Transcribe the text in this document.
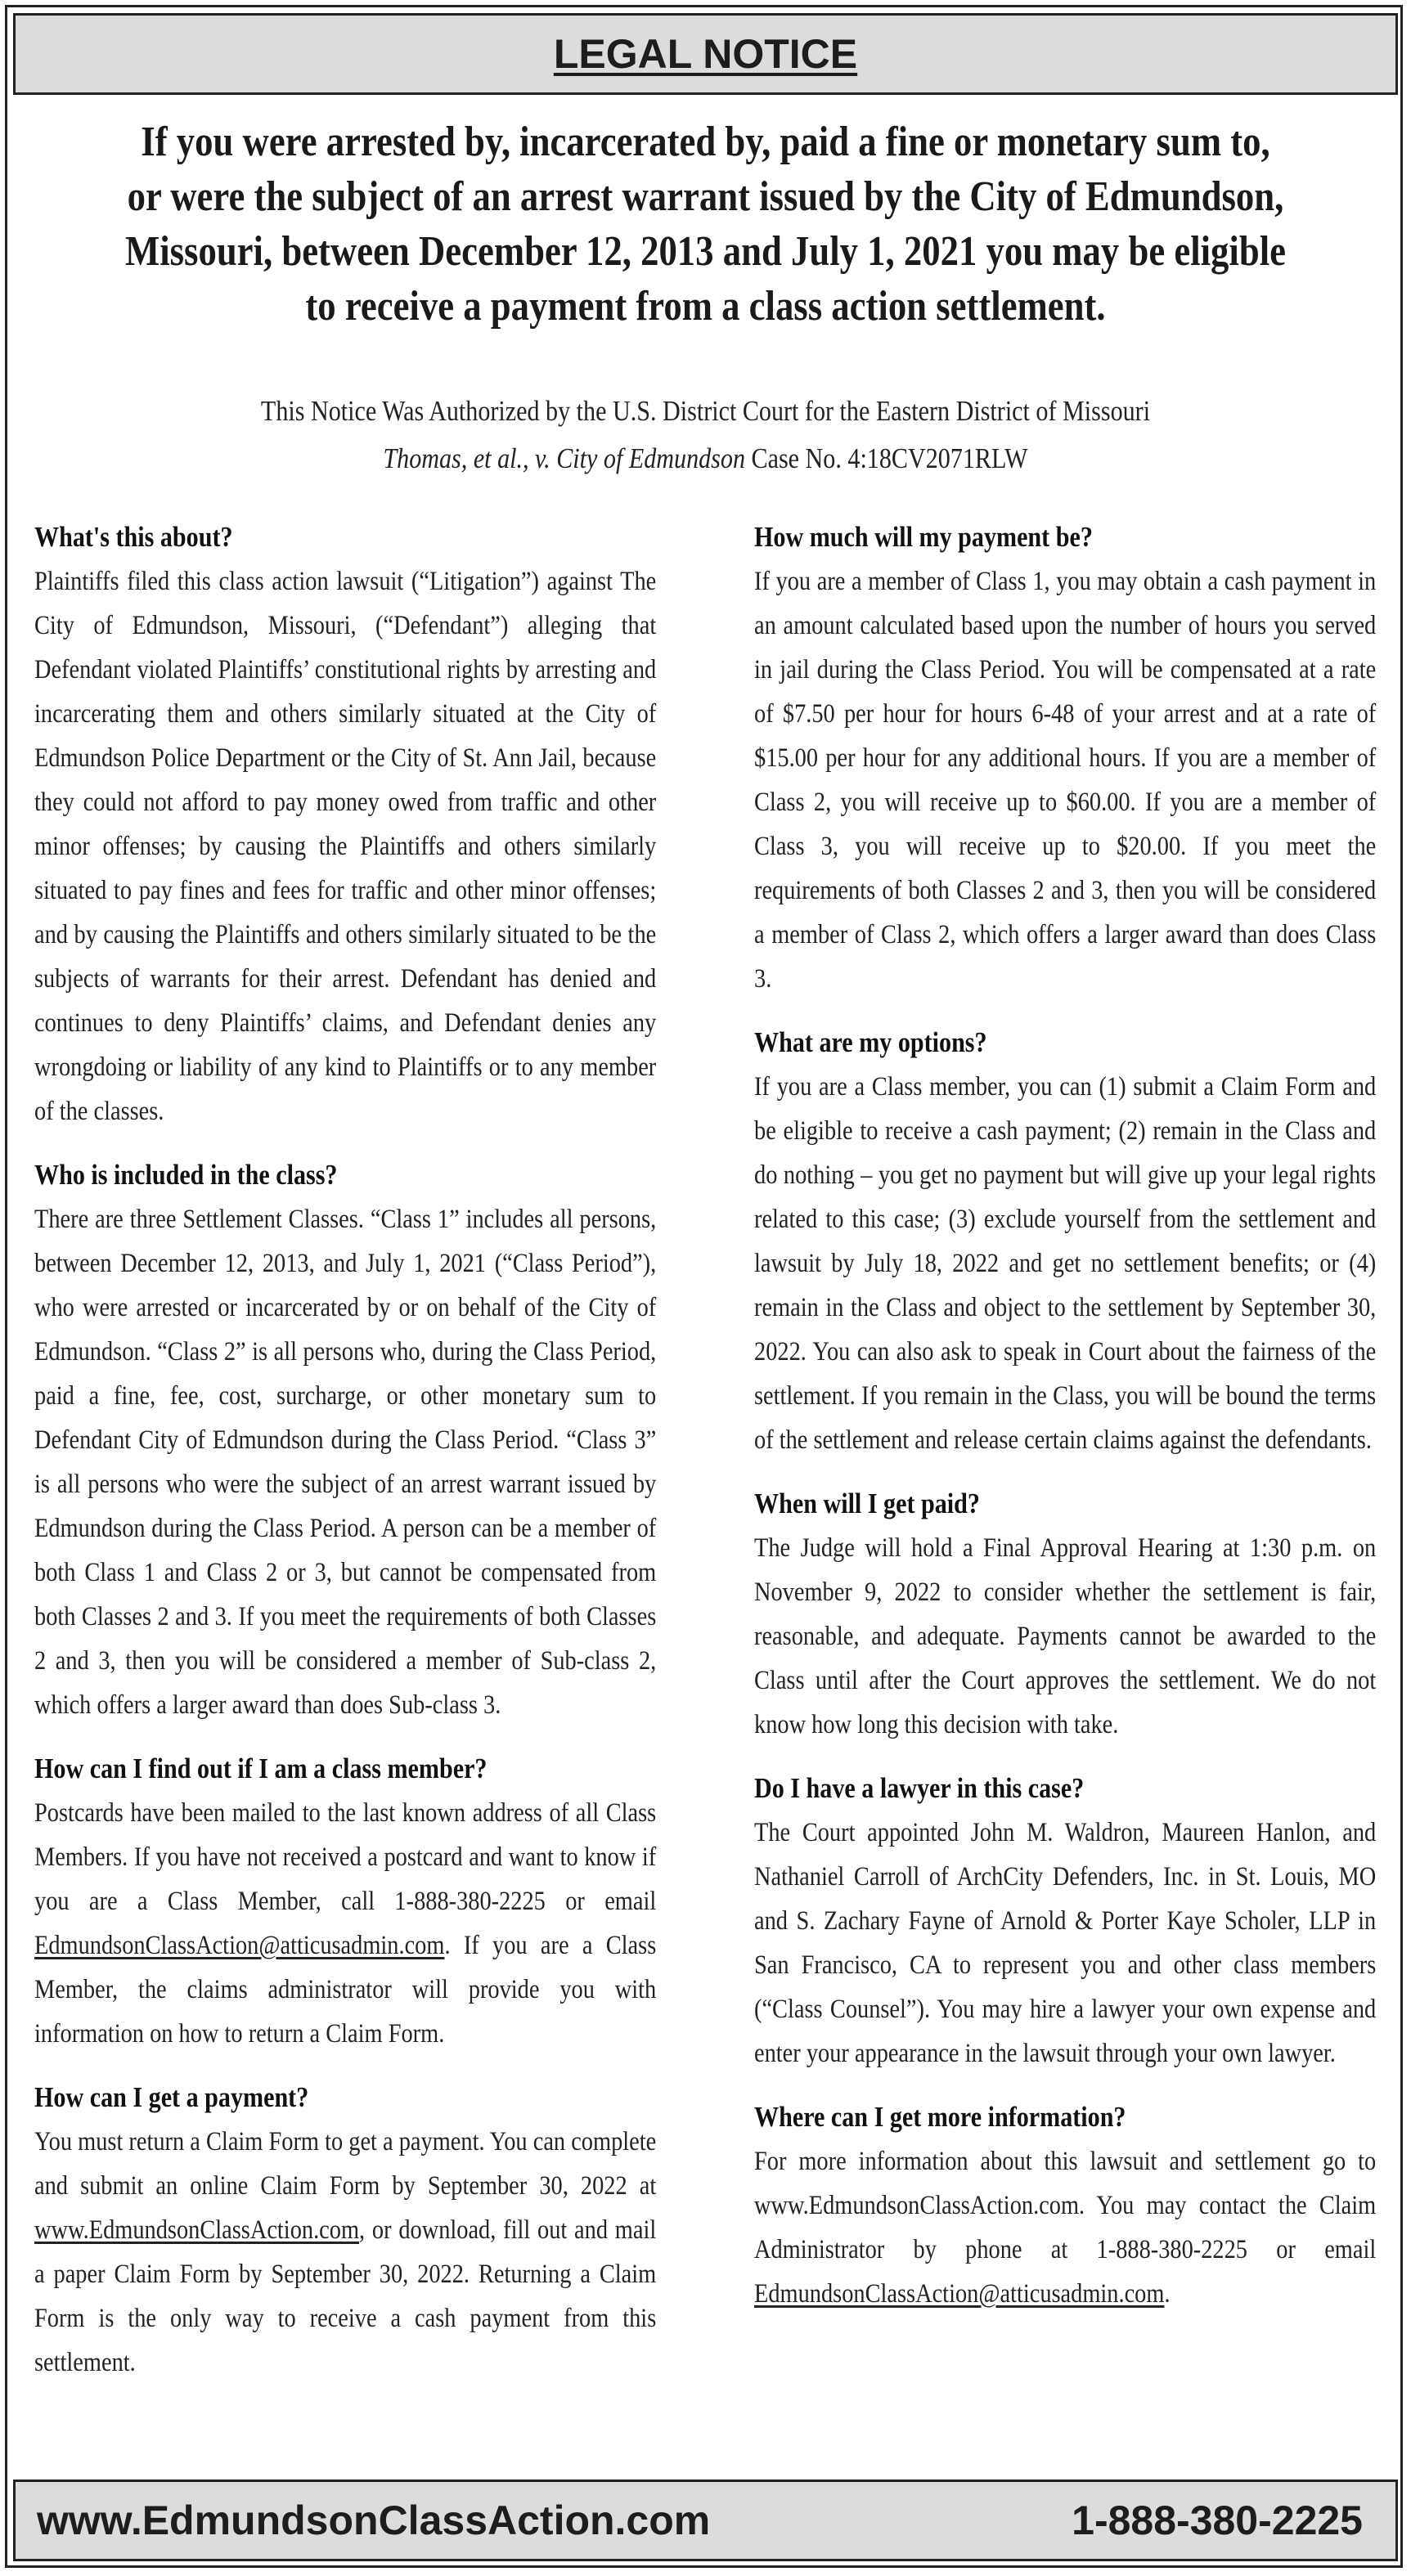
LEGAL NOTICE
If you were arrested by, incarcerated by, paid a fine or monetary sum to, or were the subject of an arrest warrant issued by the City of Edmundson, Missouri, between December 12, 2013 and July 1, 2021 you may be eligible to receive a payment from a class action settlement.
This Notice Was Authorized by the U.S. District Court for the Eastern District of Missouri
Thomas, et al., v. City of Edmundson Case No. 4:18CV2071RLW
What's this about?

Plaintiffs filed this class action lawsuit (“Litigation”) against The City of Edmundson, Missouri, (“Defendant”) alleging that Defendant violated Plaintiffs’ constitutional rights by arresting and incarcerating them and others similarly situated at the City of Edmundson Police Department or the City of St. Ann Jail, because they could not afford to pay money owed from traffic and other minor offenses; by causing the Plaintiffs and others similarly situated to pay fines and fees for traffic and other minor offenses; and by causing the Plaintiffs and others similarly situated to be the subjects of warrants for their arrest. Defendant has denied and continues to deny Plaintiffs’ claims, and Defendant denies any wrongdoing or liability of any kind to Plaintiffs or to any member of the classes.

Who is included in the class?

There are three Settlement Classes. “Class 1” includes all persons, between December 12, 2013, and July 1, 2021 (“Class Period”), who were arrested or incarcerated by or on behalf of the City of Edmundson. “Class 2” is all persons who, during the Class Period, paid a fine, fee, cost, surcharge, or other monetary sum to Defendant City of Edmundson during the Class Period. “Class 3” is all persons who were the subject of an arrest warrant issued by Edmundson during the Class Period. A person can be a member of both Class 1 and Class 2 or 3, but cannot be compensated from both Classes 2 and 3. If you meet the requirements of both Classes 2 and 3, then you will be considered a member of Sub-class 2, which offers a larger award than does Sub-class 3.

How can I find out if I am a class member?

Postcards have been mailed to the last known address of all Class Members. If you have not received a postcard and want to know if you are a Class Member, call 1-888-380-2225 or email EdmundsonClassAction@atticusadmin.com. If you are a Class Member, the claims administrator will provide you with information on how to return a Claim Form.

How can I get a payment?

You must return a Claim Form to get a payment. You can complete and submit an online Claim Form by September 30, 2022 at www.EdmundsonClassAction.com, or download, fill out and mail a paper Claim Form by September 30, 2022. Returning a Claim Form is the only way to receive a cash payment from this settlement.

How much will my payment be?

If you are a member of Class 1, you may obtain a cash payment in an amount calculated based upon the number of hours you served in jail during the Class Period. You will be compensated at a rate of $7.50 per hour for hours 6-48 of your arrest and at a rate of $15.00 per hour for any additional hours. If you are a member of Class 2, you will receive up to $60.00. If you are a member of Class 3, you will receive up to $20.00. If you meet the requirements of both Classes 2 and 3, then you will be considered a member of Class 2, which offers a larger award than does Class 3.

What are my options?

If you are a Class member, you can (1) submit a Claim Form and be eligible to receive a cash payment; (2) remain in the Class and do nothing – you get no payment but will give up your legal rights related to this case; (3) exclude yourself from the settlement and lawsuit by July 18, 2022 and get no settlement benefits; or (4) remain in the Class and object to the settlement by September 30, 2022. You can also ask to speak in Court about the fairness of the settlement. If you remain in the Class, you will be bound the terms of the settlement and release certain claims against the defendants.

When will I get paid?

The Judge will hold a Final Approval Hearing at 1:30 p.m. on November 9, 2022 to consider whether the settlement is fair, reasonable, and adequate. Payments cannot be awarded to the Class until after the Court approves the settlement. We do not know how long this decision with take.

Do I have a lawyer in this case?

The Court appointed John M. Waldron, Maureen Hanlon, and Nathaniel Carroll of ArchCity Defenders, Inc. in St. Louis, MO and S. Zachary Fayne of Arnold & Porter Kaye Scholer, LLP in San Francisco, CA to represent you and other class members (“Class Counsel”). You may hire a lawyer your own expense and enter your appearance in the lawsuit through your own lawyer.

Where can I get more information?

For more information about this lawsuit and settlement go to www.EdmundsonClassAction.com. You may contact the Claim Administrator by phone at 1-888-380-2225 or email EdmundsonClassAction@atticusadmin.com.

www.EdmundsonClassAction.com	1-888-380-2225
